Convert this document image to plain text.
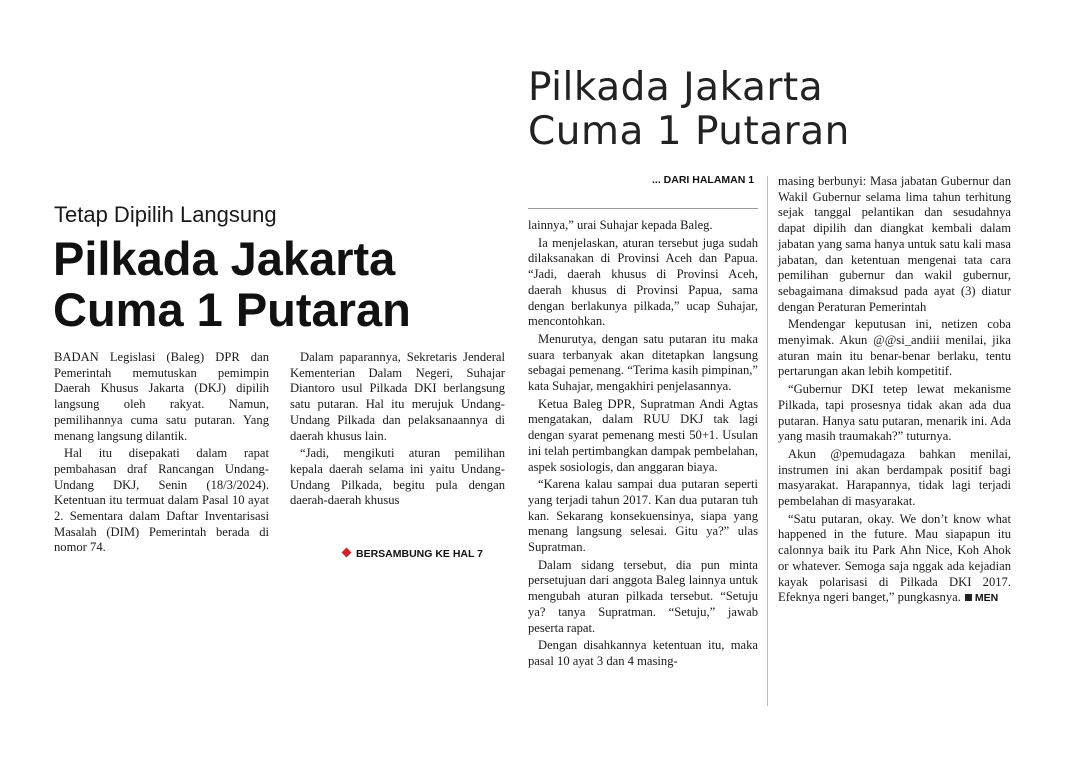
Pilkada Jakarta
Cuma 1 Putaran
... DARI HALAMAN 1

lainnya,” urai Suhajar kepada Baleg.

Ia menjelaskan, aturan tersebut juga sudah dilaksanakan di Provinsi Aceh dan Papua. “Jadi, daerah khusus di Provinsi Aceh, daerah khusus di Provinsi Papua, sama dengan berlakunya pilkada,” ucap Suhajar, mencontohkan.

Menurutya, dengan satu putaran itu maka suara terbanyak akan ditetapkan langsung sebagai pemenang. “Terima kasih pimpinan,” kata Suhajar, mengakhiri penjelasannya.

Ketua Baleg DPR, Supratman Andi Agtas mengatakan, dalam RUU DKJ tak lagi dengan syarat pemenang mesti 50+1. Usulan ini telah pertimbangkan dampak pembelahan, aspek sosiologis, dan anggaran biaya.

“Karena kalau sampai dua putaran seperti yang terjadi tahun 2017. Kan dua putaran tuh kan. Sekarang konsekuensinya, siapa yang menang langsung selesai. Gitu ya?” ulas Supratman.

Dalam sidang tersebut, dia pun minta persetujuan dari anggota Baleg lainnya untuk mengubah aturan pilkada tersebut. “Setuju ya? tanya Supratman. “Setuju,” jawab peserta rapat.

Dengan disahkannya ketentuan itu, maka pasal 10 ayat 3 dan 4 masing-

masing berbunyi: Masa jabatan Gubernur dan Wakil Gubernur selama lima tahun terhitung sejak tanggal pelantikan dan sesudahnya dapat dipilih dan diangkat kembali dalam jabatan yang sama hanya untuk satu kali masa jabatan, dan ketentuan mengenai tata cara pemilihan gubernur dan wakil gubernur, sebagaimana dimaksud pada ayat (3) diatur dengan Peraturan Pemerintah

Mendengar keputusan ini, netizen coba menyimak. Akun @@si_andiii menilai, jika aturan main itu benar-benar berlaku, tentu pertarungan akan lebih kompetitif.

“Gubernur DKI tetep lewat mekanisme Pilkada, tapi prosesnya tidak akan ada dua putaran. Hanya satu putaran, menarik ini. Ada yang masih traumakah?” tuturnya.

Akun @pemudagaza bahkan menilai, instrumen ini akan berdampak positif bagi masyarakat. Harapannya, tidak lagi terjadi pembelahan di masyarakat.

“Satu putaran, okay. We don’t know what happened in the future. Mau siapapun itu calonnya baik itu Park Ahn Nice, Koh Ahok or whatever. Semoga saja nggak ada kejadian kayak polarisasi di Pilkada DKI 2017. Efeknya ngeri banget,” pungkasnya. MEN

Tetap Dipilih Langsung
Pilkada Jakarta
Cuma 1 Putaran

BADAN Legislasi (Baleg) DPR dan Pemerintah memutuskan pemimpin Daerah Khusus Jakarta (DKJ) dipilih langsung oleh rakyat. Namun, pemilihannya cuma satu putaran. Yang menang langsung dilantik.

Hal itu disepakati dalam rapat pembahasan draf Rancangan Undang-Undang DKJ, Senin (18/3/2024). Ketentuan itu termuat dalam Pasal 10 ayat 2. Sementara dalam Daftar Inventarisasi Masalah (DIM) Pemerintah berada di nomor 74.

Dalam paparannya, Sekretaris Jenderal Kementerian Dalam Negeri, Suhajar Diantoro usul Pilkada DKI berlangsung satu putaran. Hal itu merujuk Undang-Undang Pilkada dan pelaksanaannya di daerah khusus lain.

“Jadi, mengikuti aturan pemilihan kepala daerah selama ini yaitu Undang-Undang Pilkada, begitu pula dengan daerah-daerah khusus

BERSAMBUNG KE HAL 7
